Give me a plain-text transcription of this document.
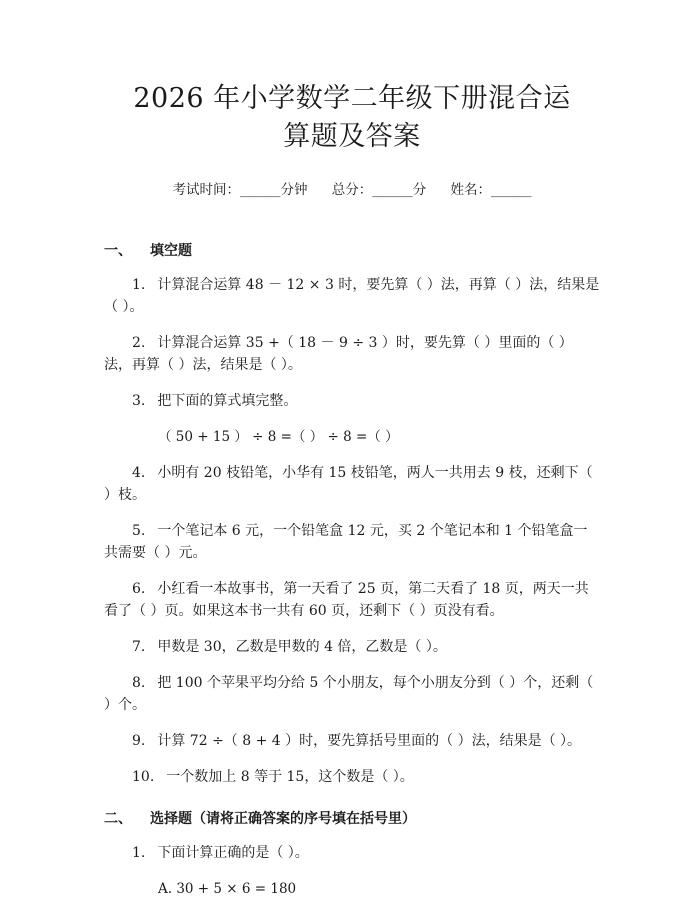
2026 年小学数学二年级下册混合运算题及答案
考试时间：______分钟 总分：______分 姓名：______
一、 填空题

1. 计算混合运算 48 － 12 × 3 时，要先算（ ）法，再算（ ）法，结果是（ ）。

2. 计算混合运算 35 +（ 18 － 9 ÷ 3 ）时，要先算（ ）里面的（ ）法，再算（ ）法，结果是（ ）。

3. 把下面的算式填完整。

（ 50 + 15 ） ÷ 8 =（ ） ÷ 8 =（ ）

4. 小明有 20 枝铅笔，小华有 15 枝铅笔，两人一共用去 9 枝，还剩下（ ）枝。

5. 一个笔记本 6 元，一个铅笔盒 12 元，买 2 个笔记本和 1 个铅笔盒一共需要（ ）元。

6. 小红看一本故事书，第一天看了 25 页，第二天看了 18 页，两天一共看了（ ）页。如果这本书一共有 60 页，还剩下（ ）页没有看。

7. 甲数是 30，乙数是甲数的 4 倍，乙数是（ ）。

8. 把 100 个苹果平均分给 5 个小朋友，每个小朋友分到（ ）个，还剩（ ）个。

9. 计算 72 ÷（ 8 + 4 ）时，要先算括号里面的（ ）法，结果是（ ）。

10. 一个数加上 8 等于 15，这个数是（ ）。

二、 选择题（请将正确答案的序号填在括号里）

1. 下面计算正确的是（ ）。

A. 30 + 5 × 6 = 180
